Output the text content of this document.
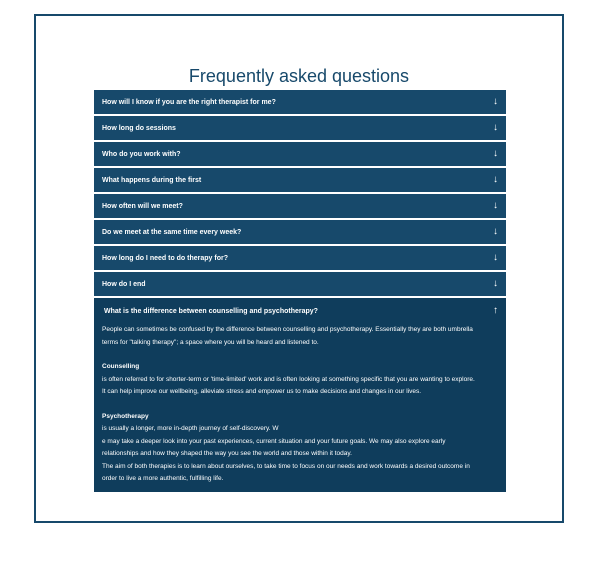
Frequently asked questions
How will I know if you are the right therapist for me?	↓
How long do sessions	↓
Who do you work with?	↓
What happens during the first	↓
How often will we meet?	↓
Do we meet at the same time every week?	↓
How long do I need to do therapy for?	↓
How do I end	↓
What is the difference between counselling and psychotherapy?	↑

People can sometimes be confused by the difference between counselling and psychotherapy. Essentially they are both umbrella

terms for "talking therapy"; a space where you will be heard and listened to.

Counselling

is often referred to for shorter-term or 'time-limited' work and is often looking at something specific that you are wanting to explore.

It can help improve our wellbeing, alleviate stress and empower us to make decisions and changes in our lives.

Psychotherapy

is usually a longer, more in-depth journey of self-discovery. W

e may take a deeper look into your past experiences, current situation and your future goals. We may also explore early

relationships and how they shaped the way you see the world and those within it today.

The aim of both therapies is to learn about ourselves, to take time to focus on our needs and work towards a desired outcome in

order to live a more authentic, fulfilling life.
